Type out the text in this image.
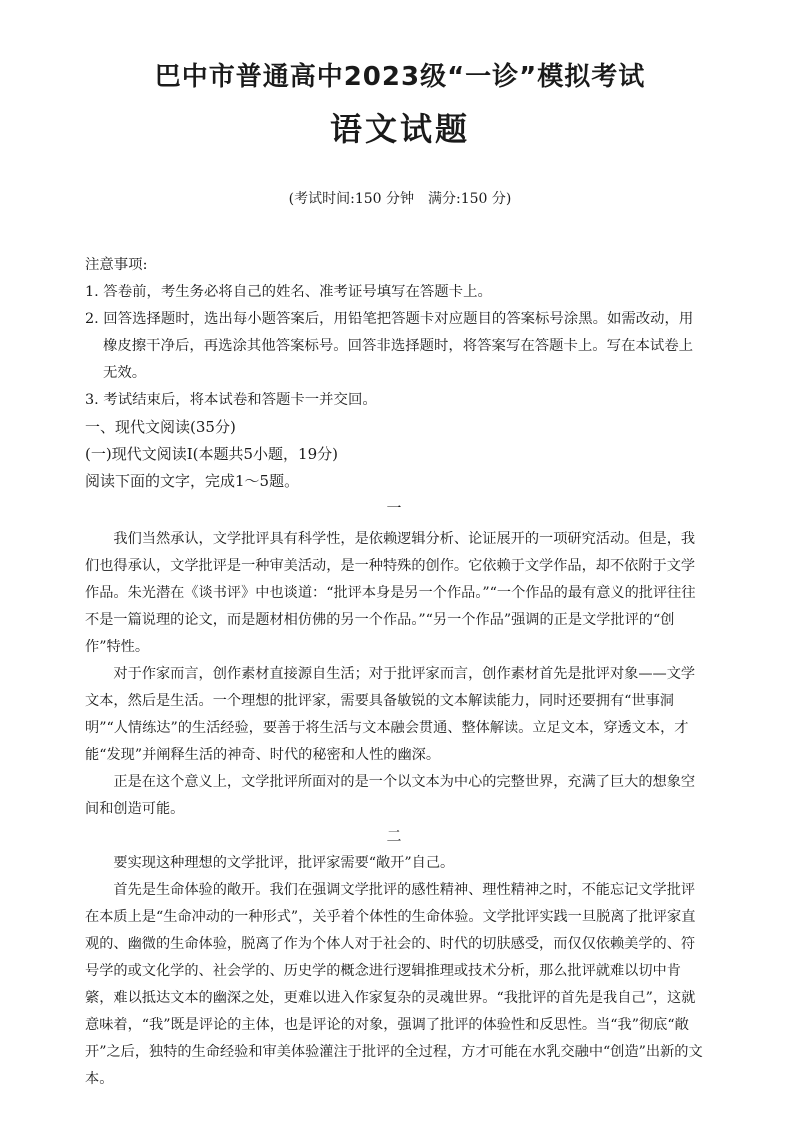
巴中市普通高中2023级“一诊”模拟考试
语文试题
(考试时间:150 分钟　满分:150 分)

注意事项:

1. 答卷前，考生务必将自己的姓名、准考证号填写在答题卡上。

2. 回答选择题时，选出每小题答案后，用铅笔把答题卡对应题目的答案标号涂黑。如需改动，用橡皮擦干净后，再选涂其他答案标号。回答非选择题时，将答案写在答题卡上。写在本试卷上无效。

3. 考试结束后，将本试卷和答题卡一并交回。

一、现代文阅读(35分)

(一)现代文阅读Ⅰ(本题共5小题，19分)

阅读下面的文字，完成1～5题。

一

我们当然承认，文学批评具有科学性，是依赖逻辑分析、论证展开的一项研究活动。但是，我们也得承认，文学批评是一种审美活动，是一种特殊的创作。它依赖于文学作品，却不依附于文学作品。朱光潜在《谈书评》中也谈道：“批评本身是另一个作品。”“一个作品的最有意义的批评往往不是一篇说理的论文，而是题材相仿佛的另一个作品。”“另一个作品”强调的正是文学批评的“创作”特性。

对于作家而言，创作素材直接源自生活；对于批评家而言，创作素材首先是批评对象——文学文本，然后是生活。一个理想的批评家，需要具备敏锐的文本解读能力，同时还要拥有“世事洞明”“人情练达”的生活经验，要善于将生活与文本融会贯通、整体解读。立足文本，穿透文本，才能“发现”并阐释生活的神奇、时代的秘密和人性的幽深。

正是在这个意义上，文学批评所面对的是一个以文本为中心的完整世界，充满了巨大的想象空间和创造可能。

二

要实现这种理想的文学批评，批评家需要“敞开”自己。

首先是生命体验的敞开。我们在强调文学批评的感性精神、理性精神之时，不能忘记文学批评在本质上是“生命冲动的一种形式”，关乎着个体性的生命体验。文学批评实践一旦脱离了批评家直观的、幽微的生命体验，脱离了作为个体人对于社会的、时代的切肤感受，而仅仅依赖美学的、符号学的或文化学的、社会学的、历史学的概念进行逻辑推理或技术分析，那么批评就难以切中肯綮，难以抵达文本的幽深之处，更难以进入作家复杂的灵魂世界。“我批评的首先是我自己”，这就意味着，“我”既是评论的主体，也是评论的对象，强调了批评的体验性和反思性。当“我”彻底“敞开”之后，独特的生命经验和审美体验灌注于批评的全过程，方才可能在水乳交融中“创造”出新的文本。
